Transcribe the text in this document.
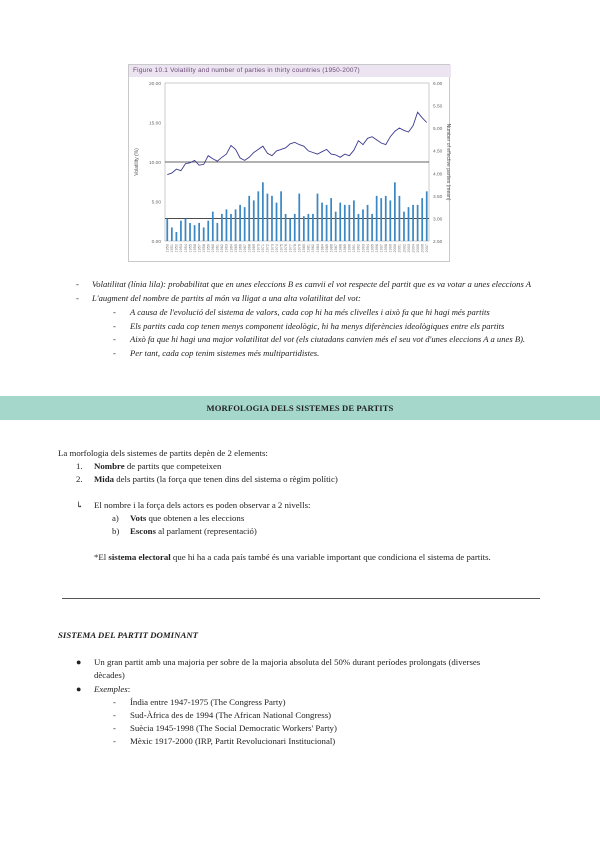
Figure 10.1 Volatility and number of parties in thirty countries (1950-2007)
0.00
5.00
10.00
15.00
20.00
2.50
3.00
3.50
4.00
4.50
5.00
5.50
6.00
Volatility (%)	Number of effective parties (mean)
1950 1951 1952 1953 1954 1955 1956 1957 1958 1959 1960 1961 1962 1963 1964 1965 1966 1967 1968 1969 1970 1971 1972 1973 1974 1975 1976 1977 1978 1979 1980 1981 1982 1983 1984 1985 1986 1987 1988 1989 1990 1991 1992 1993 1994 1995 1996 1997 1998 1999 2000 2001 2002 2003 2004 2005 2006 2007
- Volatilitat (línia lila): probabilitat que en unes eleccions B es canvii el vot respecte del partit que es va votar a unes eleccions A
- L'augment del nombre de partits al món va lligat a una alta volatilitat del vot:
- A causa de l'evolució del sistema de valors, cada cop hi ha més clivelles i això fa que hi hagi més partits
- Els partits cada cop tenen menys component ideològic, hi ha menys diferències ideològiques entre els partits
- Això fa que hi hagi una major volatilitat del vot (els ciutadans canvien més el seu vot d'unes eleccions A a unes B).
- Per tant, cada cop tenim sistemes més multipartidistes.
MORFOLOGIA DELS SISTEMES DE PARTITS
La morfologia dels sistemes de partits depèn de 2 elements:
1. Nombre de partits que competeixen
2. Mida dels partits (la força que tenen dins del sistema o règim polític)
↳ El nombre i la força dels actors es poden observar a 2 nivells:
a) Vots que obtenen a les eleccions
b) Escons al parlament (representació)
*El sistema electoral que hi ha a cada país també és una variable important que condiciona el sistema de partits.
SISTEMA DEL PARTIT DOMINANT
● Un gran partit amb una majoria per sobre de la majoria absoluta del 50% durant períodes prolongats (diverses
dècades)
● Exemples:
- Índia entre 1947-1975 (The Congress Party)
- Sud-Àfrica des de 1994 (The African National Congress)
- Suècia 1945-1998 (The Social Democratic Workers' Party)
- Mèxic 1917-2000 (IRP, Partit Revolucionari Institucional)
